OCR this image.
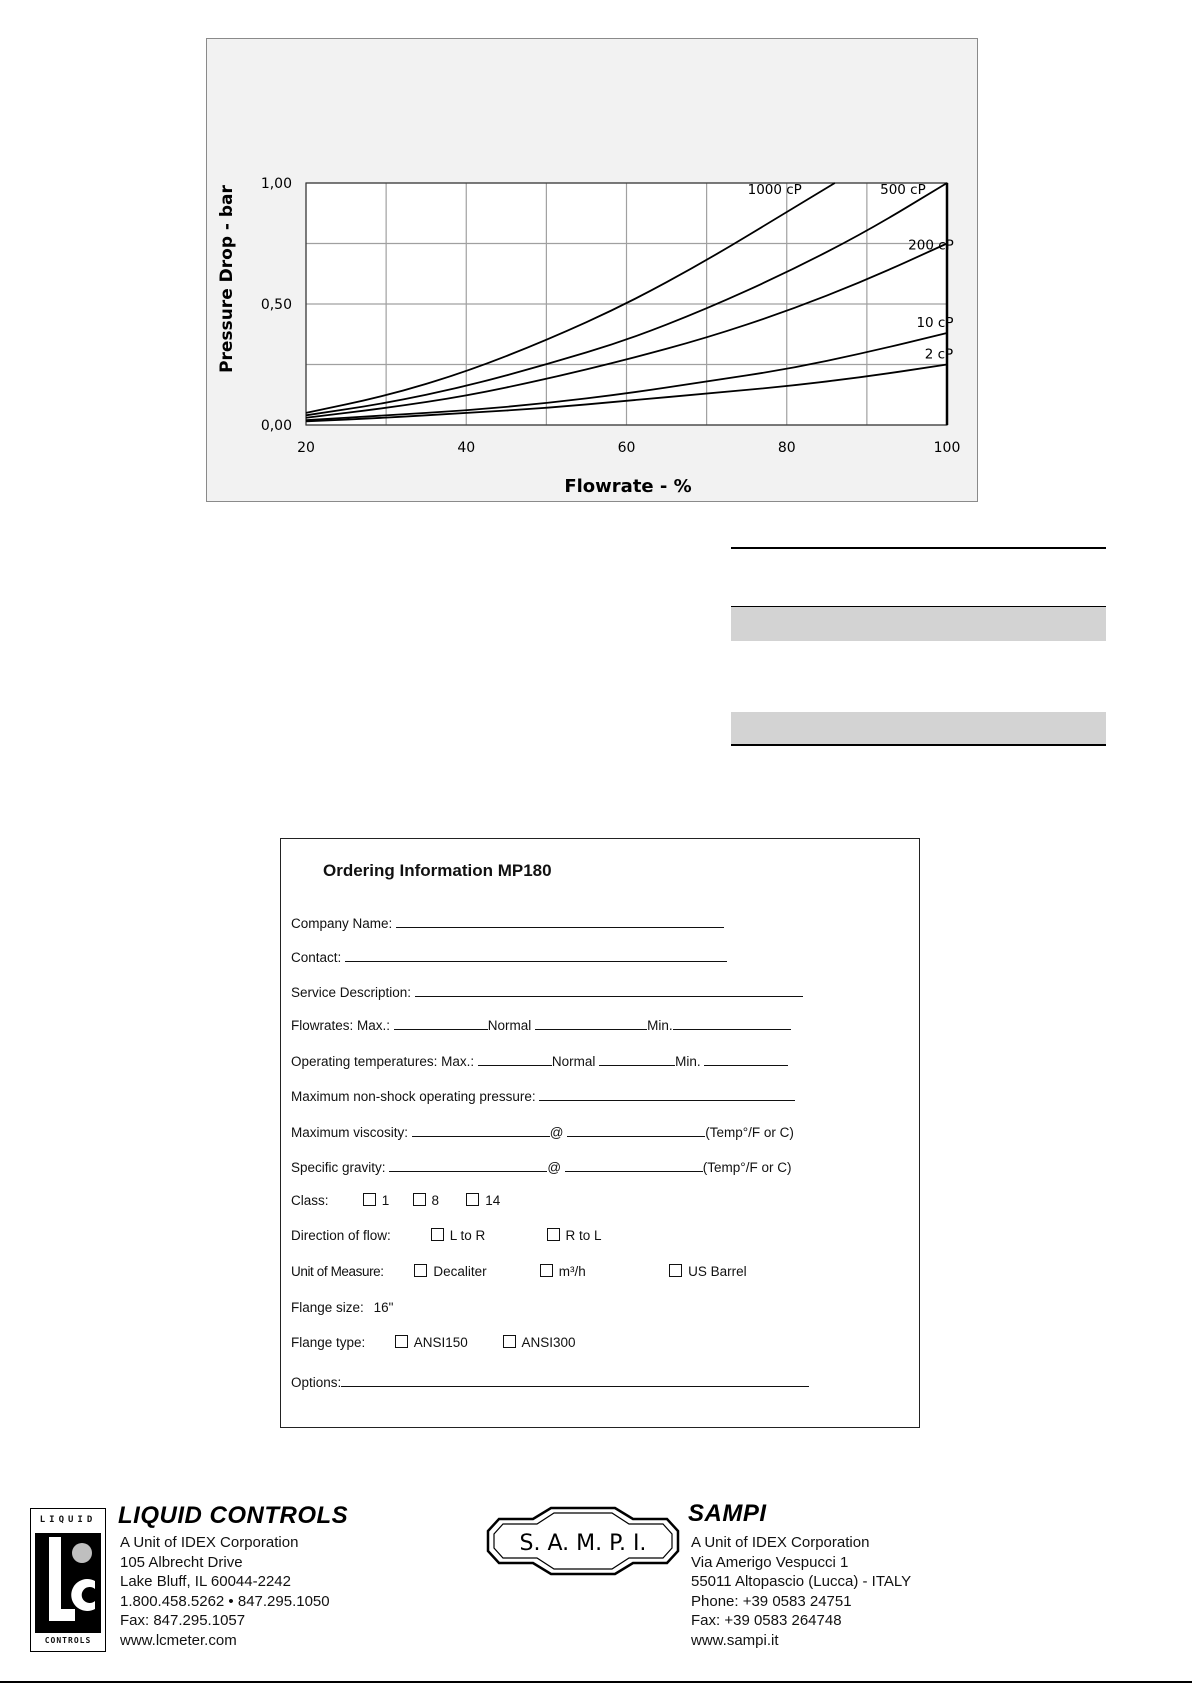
20	40	60	80	100
0,00
0,50
1,00	1000 cP	500 cP
200 cP
10 cP
2 cP
Pressure Drop - bar
Flowrate - %
Ordering Information MP180
Company Name:
Contact:
Service Description:
Flowrates: Max.:	Normal	Min.
Operating temperatures: Max.:	Normal	Min.
Maximum non-shock operating pressure:
Maximum viscosity:	@	(Temp°/F or C)
Specific gravity:	@	(Temp°/F or C)
Class:	1	8	14
Direction of flow:	L to R	R to L
Unit of Measure:	Decaliter	m³/h	US Barrel
Flange size: 16"
Flange type:	ANSI150	ANSI300
Options:
LIQUID
CONTROLS
LIQUID CONTROLS
A Unit of IDEX Corporation
105 Albrecht Drive
Lake Bluff, IL 60044-2242
1.800.458.5262 • 847.295.1050
Fax: 847.295.1057
www.lcmeter.com
S. A. M. P. I.
SAMPI
A Unit of IDEX Corporation
Via Amerigo Vespucci 1
55011 Altopascio (Lucca) - ITALY
Phone: +39 0583 24751
Fax: +39 0583 264748
www.sampi.it
